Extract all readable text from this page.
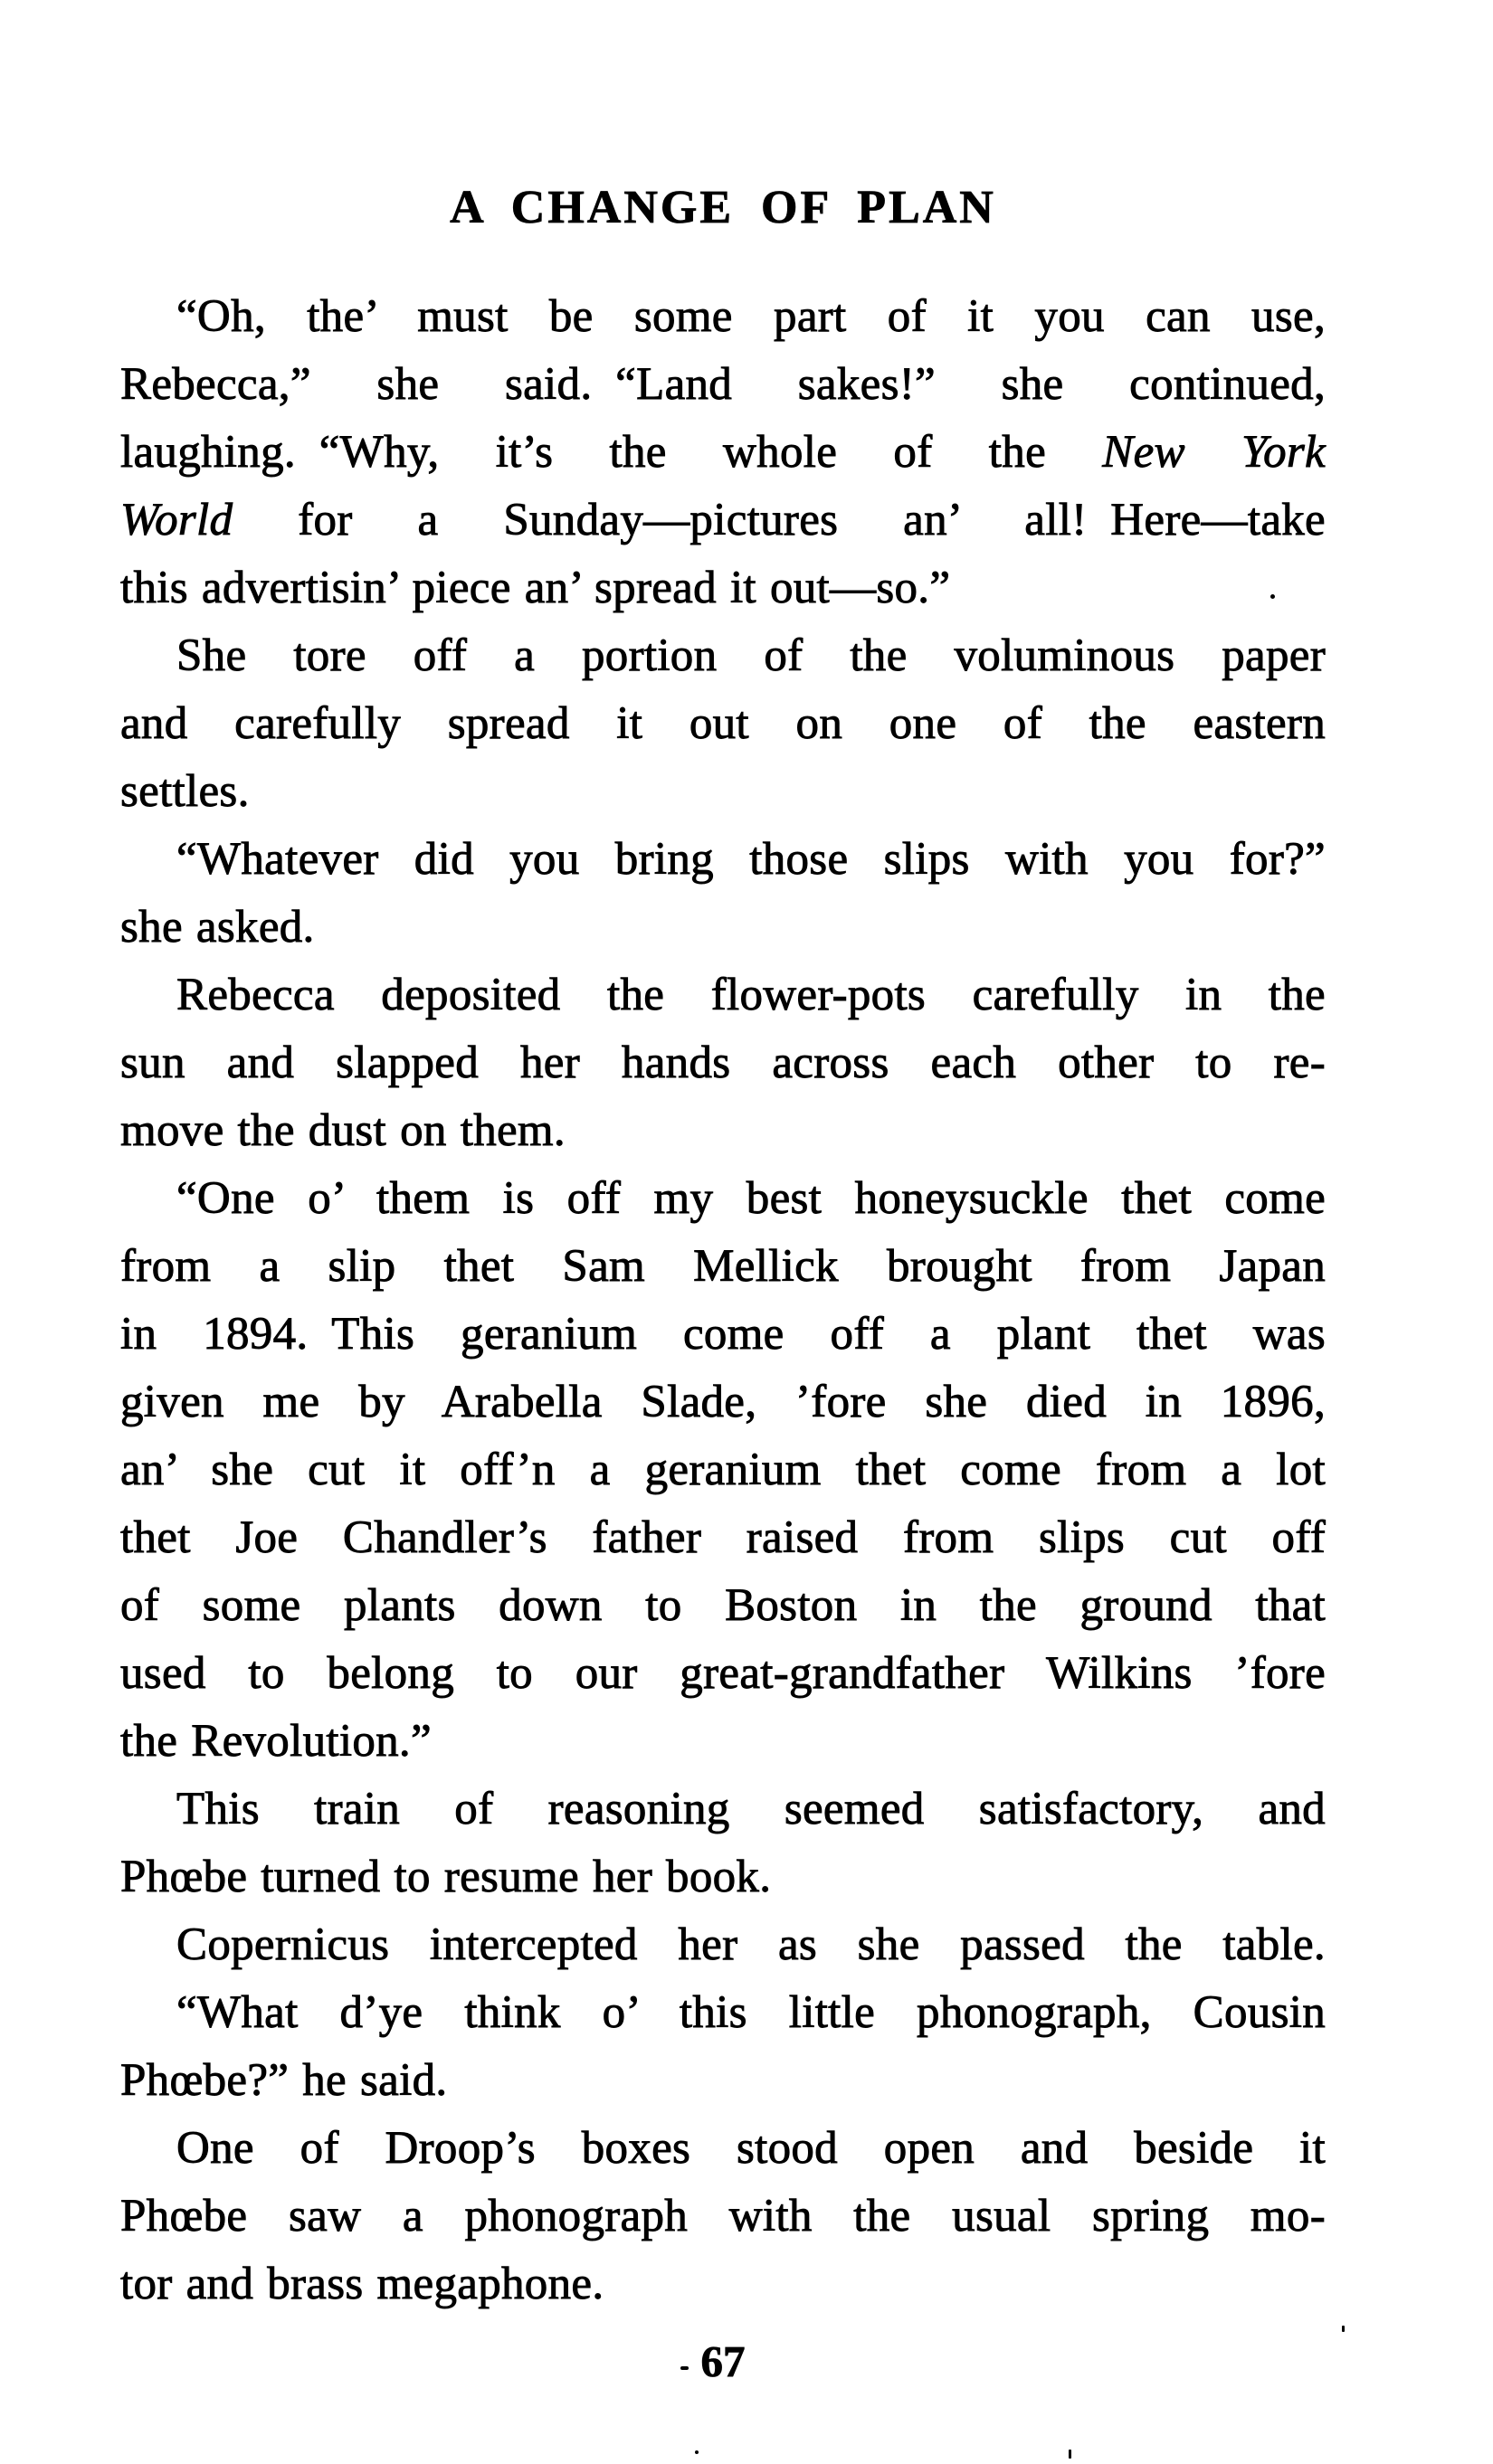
A CHANGE OF PLAN
“Oh, the’ must be some part of it you can use,
Rebecca,” she said. “Land sakes!” she continued,
laughing. “Why, it’s the whole of the New York
World for a Sunday—pictures an’ all! Here—take
this advertisin’ piece an’ spread it out—so.”
She tore off a portion of the voluminous paper
and carefully spread it out on one of the eastern
settles.
“Whatever did you bring those slips with you for?”
she asked.
Rebecca deposited the flower-pots carefully in the
sun and slapped her hands across each other to re-
move the dust on them.
“One o’ them is off my best honeysuckle thet come
from a slip thet Sam Mellick brought from Japan
in 1894. This geranium come off a plant thet was
given me by Arabella Slade, ’fore she died in 1896,
an’ she cut it off’n a geranium thet come from a lot
thet Joe Chandler’s father raised from slips cut off
of some plants down to Boston in the ground that
used to belong to our great-grandfather Wilkins ’fore
the Revolution.”
This train of reasoning seemed satisfactory, and
Phœbe turned to resume her book.
Copernicus intercepted her as she passed the table.
“What d’ye think o’ this little phonograph, Cousin
Phœbe?” he said.
One of Droop’s boxes stood open and beside it
Phœbe saw a phonograph with the usual spring mo-
tor and brass megaphone.
67
